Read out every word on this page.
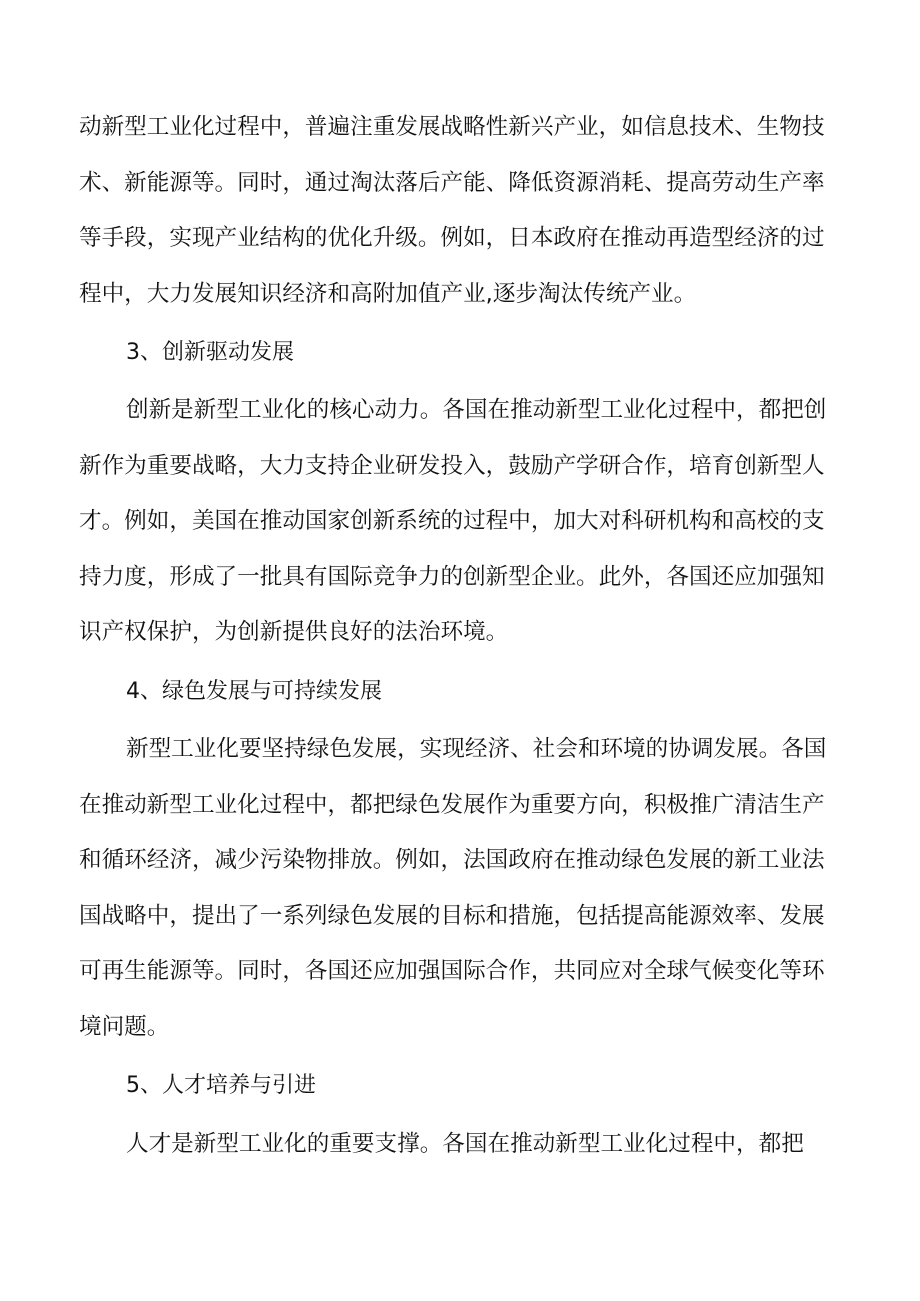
动新型工业化过程中，普遍注重发展战略性新兴产业，如信息技术、生物技
术、新能源等。同时，通过淘汰落后产能、降低资源消耗、提高劳动生产率
等手段，实现产业结构的优化升级。例如，日本政府在推动再造型经济的过
程中，大力发展知识经济和高附加值产业,逐步淘汰传统产业。
3、创新驱动发展
创新是新型工业化的核心动力。各国在推动新型工业化过程中，都把创
新作为重要战略，大力支持企业研发投入，鼓励产学研合作，培育创新型人
才。例如，美国在推动国家创新系统的过程中，加大对科研机构和高校的支
持力度，形成了一批具有国际竞争力的创新型企业。此外，各国还应加强知
识产权保护，为创新提供良好的法治环境。
4、绿色发展与可持续发展
新型工业化要坚持绿色发展，实现经济、社会和环境的协调发展。各国
在推动新型工业化过程中，都把绿色发展作为重要方向，积极推广清洁生产
和循环经济，减少污染物排放。例如，法国政府在推动绿色发展的新工业法
国战略中，提出了一系列绿色发展的目标和措施，包括提高能源效率、发展
可再生能源等。同时，各国还应加强国际合作，共同应对全球气候变化等环
境问题。
5、人才培养与引进
人才是新型工业化的重要支撑。各国在推动新型工业化过程中，都把
